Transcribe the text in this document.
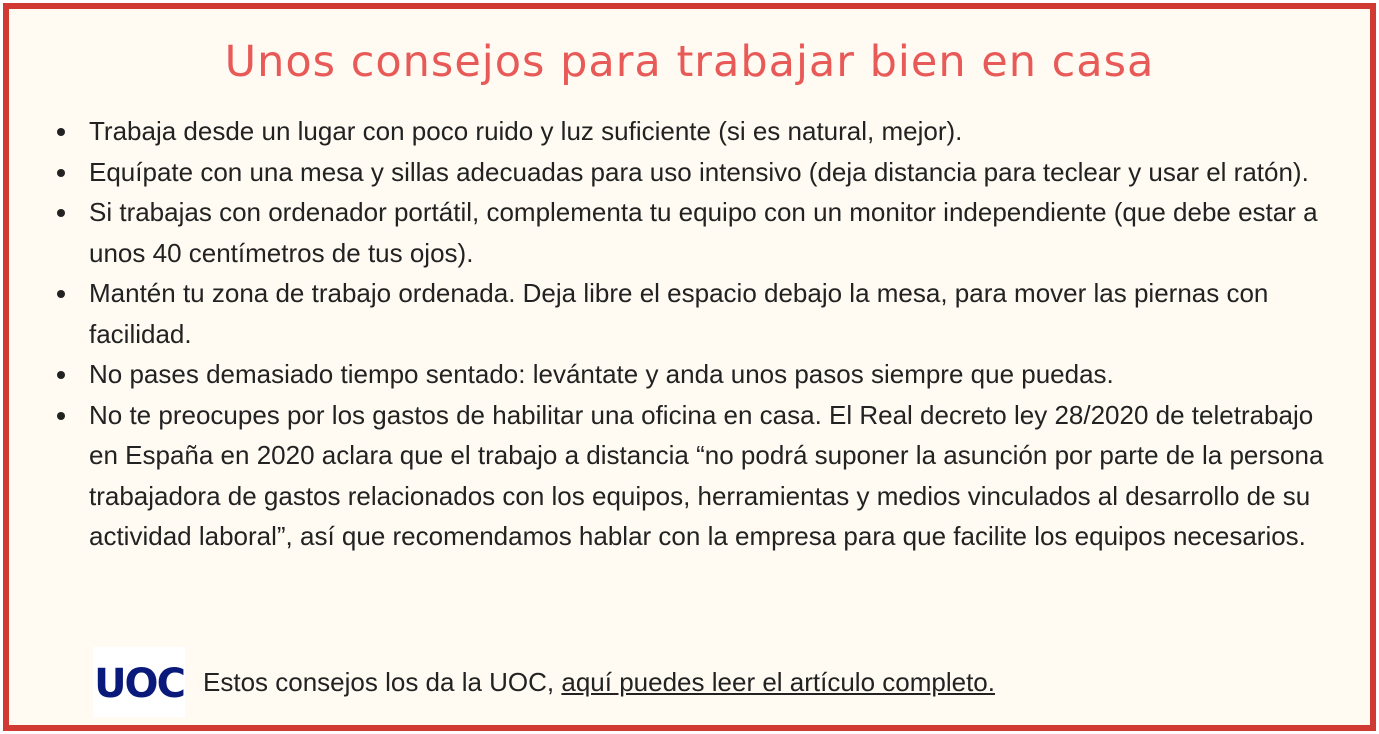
Unos consejos para trabajar bien en casa
Trabaja desde un lugar con poco ruido y luz suficiente (si es natural, mejor).
Equípate con una mesa y sillas adecuadas para uso intensivo (deja distancia para teclear y usar el ratón).
Si trabajas con ordenador portátil, complementa tu equipo con un monitor independiente (que debe estar a unos 40 centímetros de tus ojos).
Mantén tu zona de trabajo ordenada. Deja libre el espacio debajo la mesa, para mover las piernas con facilidad.
No pases demasiado tiempo sentado: levántate y anda unos pasos siempre que puedas.
No te preocupes por los gastos de habilitar una oficina en casa. El Real decreto ley 28/2020 de teletrabajo en España en 2020 aclara que el trabajo a distancia “no podrá suponer la asunción por parte de la persona trabajadora de gastos relacionados con los equipos, herramientas y medios vinculados al desarrollo de su actividad laboral”, así que recomendamos hablar con la empresa para que facilite los equipos necesarios.
UOC Estos consejos los da la UOC, aquí puedes leer el artículo completo.
